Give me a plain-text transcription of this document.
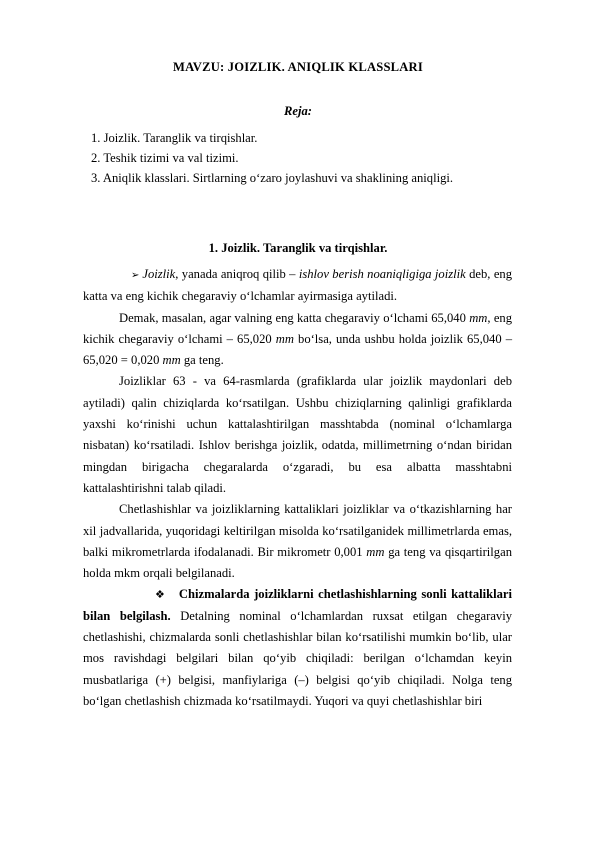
MAVZU: JOIZLIK. ANIQLIK KLASSLARI
Reja:
1. Joizlik. Taranglik va tirqishlar.
2. Teshik tizimi va val tizimi.
3. Aniqlik klasslari. Sirtlarning o‘zaro joylashuvi va shaklining aniqligi.
1. Joizlik. Taranglik va tirqishlar.

➢ Joizlik, yanada aniqroq qilib – ishlov berish noaniqligiga joizlik deb, eng katta va eng kichik chegaraviy o‘lchamlar ayirmasiga aytiladi.

Demak, masalan, agar valning eng katta chegaraviy o‘lchami 65,040 mm, eng kichik chegaraviy o‘lchami – 65,020 mm bo‘lsa, unda ushbu holda joizlik 65,040 – 65,020 = 0,020 mm ga teng.

Joizliklar 63 - va 64-rasmlarda (grafiklarda ular joizlik maydonlari deb aytiladi) qalin chiziqlarda ko‘rsatilgan. Ushbu chiziqlarning qalinligi grafiklarda yaxshi ko‘rinishi uchun kattalashtirilgan masshtabda (nominal o‘lchamlarga nisbatan) ko‘rsatiladi. Ishlov berishga joizlik, odatda, millimetrning o‘ndan biridan mingdan birigacha chegaralarda o‘zgaradi, bu esa albatta masshtabni kattalashtirishni talab qiladi.

Chetlashishlar va joizliklarning kattaliklari joizliklar va o‘tkazishlarning har xil jadvallarida, yuqoridagi keltirilgan misolda ko‘rsatilganidek millimetrlarda emas, balki mikrometrlarda ifodalanadi. Bir mikrometr 0,001 mm ga teng va qisqartirilgan holda mkm orqali belgilanadi.

❖ Chizmalarda joizliklarni chetlashishlarning sonli kattaliklari bilan belgilash. Detalning nominal o‘lchamlardan ruxsat etilgan chegaraviy chetlashishi, chizmalarda sonli chetlashishlar bilan ko‘rsatilishi mumkin bo‘lib, ular mos ravishdagi belgilari bilan qo‘yib chiqiladi: berilgan o‘lchamdan keyin musbatlariga (+) belgisi, manfiylariga (–) belgisi qo‘yib chiqiladi. Nolga teng bo‘lgan chetlashish chizmada ko‘rsatilmaydi. Yuqori va quyi chetlashishlar biri
